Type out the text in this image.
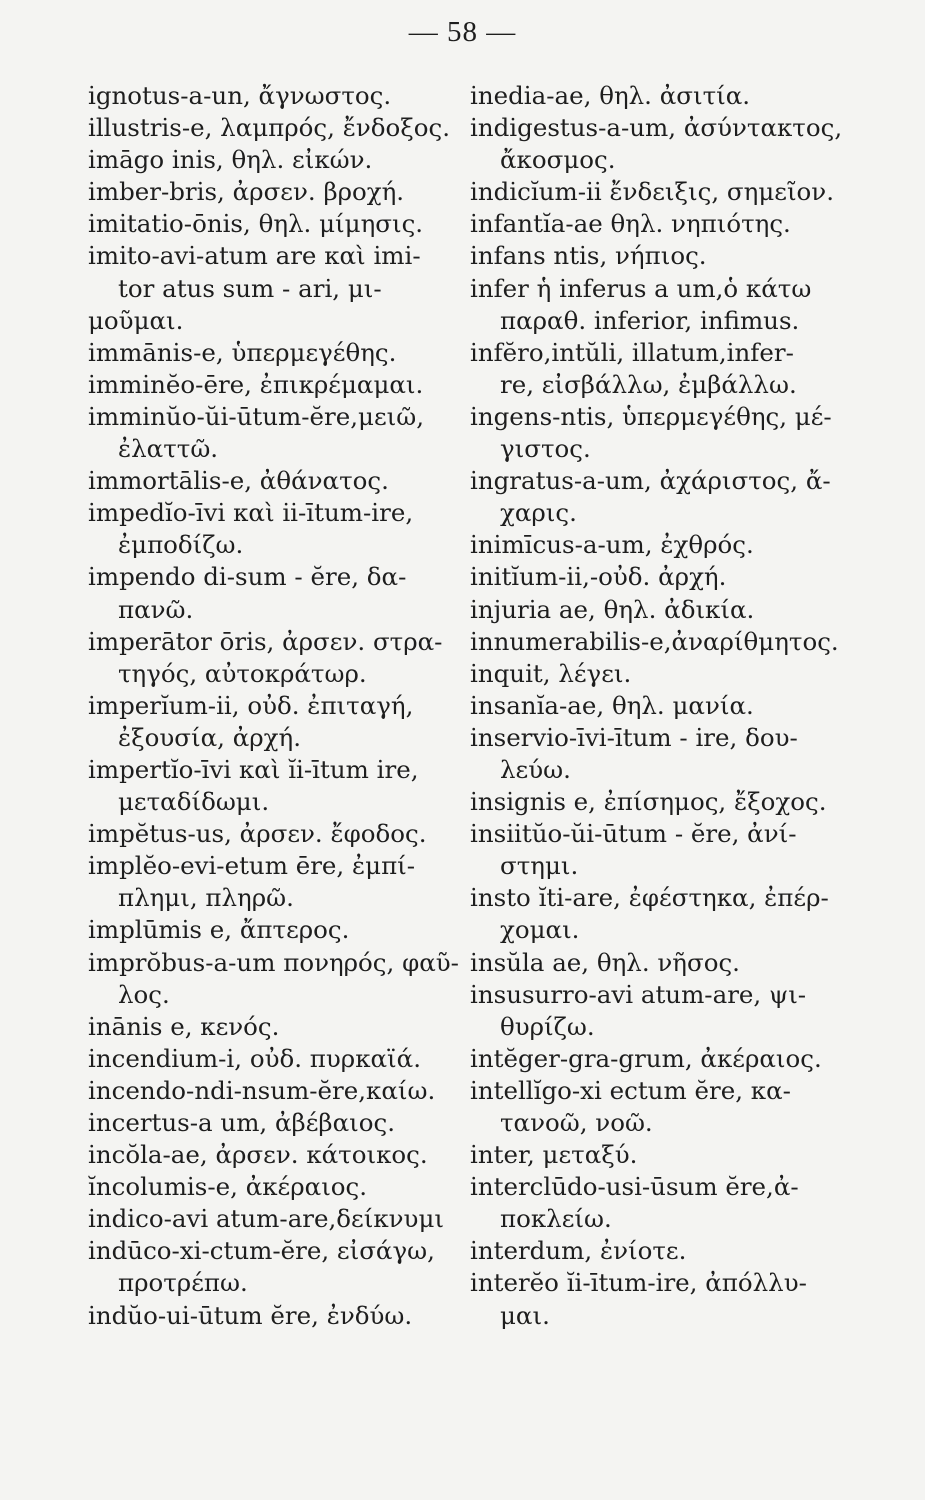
— 58 —
ignotus-a-un, ἄγνωστος.
illustris-e, λαμπρός, ἔνδοξος.
imāgo inis, θηλ. εἰκών.
imber-bris, ἀρσεν. βροχή.
imitatio-ōnis, θηλ. μίμησις.
imito-avi-atum are καὶ imi-
tor atus sum - ari, μι-
μοῦμαι.
immānis-e, ὑπερμεγέθης.
imminĕo-ēre, ἐπικρέμαμαι.
imminŭo-ŭi-ūtum-ĕre,μειῶ,
ἐλαττῶ.
immortālis-e, ἀθάνατος.
impedĭo-īvi καὶ ii-ītum-ire,
ἐμποδίζω.
impendo di-sum - ĕre, δα-
πανῶ.
imperātor ōris, ἀρσεν. στρα-
τηγός, αὐτοκράτωρ.
imperĭum-ii, οὐδ. ἐπιταγή,
ἐξουσία, ἀρχή.
impertĭo-īvi καὶ ĭi-ītum ire,
μεταδίδωμι.
impĕtus-us, ἀρσεν. ἔφοδος.
implĕo-evi-etum ēre, ἐμπί-
πλημι, πληρῶ.
implūmis e, ἄπτερος.
imprŏbus-a-um πονηρός, φαῦ-
λος.
inānis e, κενός.
incendium-i, οὐδ. πυρκαϊά.
incendo-ndi-nsum-ĕre,καίω.
incertus-a um, ἀβέβαιος.
incŏla-ae, ἀρσεν. κάτοικος.
ĭncolumis-e, ἀκέραιος.
indico-avi atum-are,δείκνυμι
indūco-xi-ctum-ĕre, εἰσάγω,
προτρέπω.
indŭo-ui-ūtum ĕre, ἐνδύω.
inedia-ae, θηλ. ἀσιτία.
indigestus-a-um, ἀσύντακτος,
ἄκοσμος.
indicĭum-ii ἔνδειξις, σημεῖον.
infantĭa-ae θηλ. νηπιότης.
infans ntis, νήπιος.
infer ἡ inferus a um,ὁ κάτω
παραθ. inferior, infimus.
infĕro,intŭli, illatum,infer-
re, εἰσβάλλω, ἐμβάλλω.
ingens-ntis, ὑπερμεγέθης, μέ-
γιστος.
ingratus-a-um, ἀχάριστος, ἄ-
χαρις.
inimīcus-a-um, ἐχθρός.
initĭum-ii,-οὐδ. ἀρχή.
injuria ae, θηλ. ἀδικία.
innumerabilis-e,ἀναρίθμητος.
inquit, λέγει.
insanĭa-ae, θηλ. μανία.
inservio-īvi-ītum - ire, δου-
λεύω.
insignis e, ἐπίσημος, ἔξοχος.
insiitŭo-ŭi-ūtum - ĕre, ἀνί-
στημι.
insto ĭti-are, ἐφέστηκα, ἐπέρ-
χομαι.
insŭla ae, θηλ. νῆσος.
insusurro-avi atum-are, ψι-
θυρίζω.
intĕger-gra-grum, ἀκέραιος.
intellĭgo-xi ectum ĕre, κα-
τανοῶ, νοῶ.
inter, μεταξύ.
interclūdo-usi-ūsum ĕre,ἀ-
ποκλείω.
interdum, ἐνίοτε.
interĕo ĭi-ītum-ire, ἀπόλλυ-
μαι.
